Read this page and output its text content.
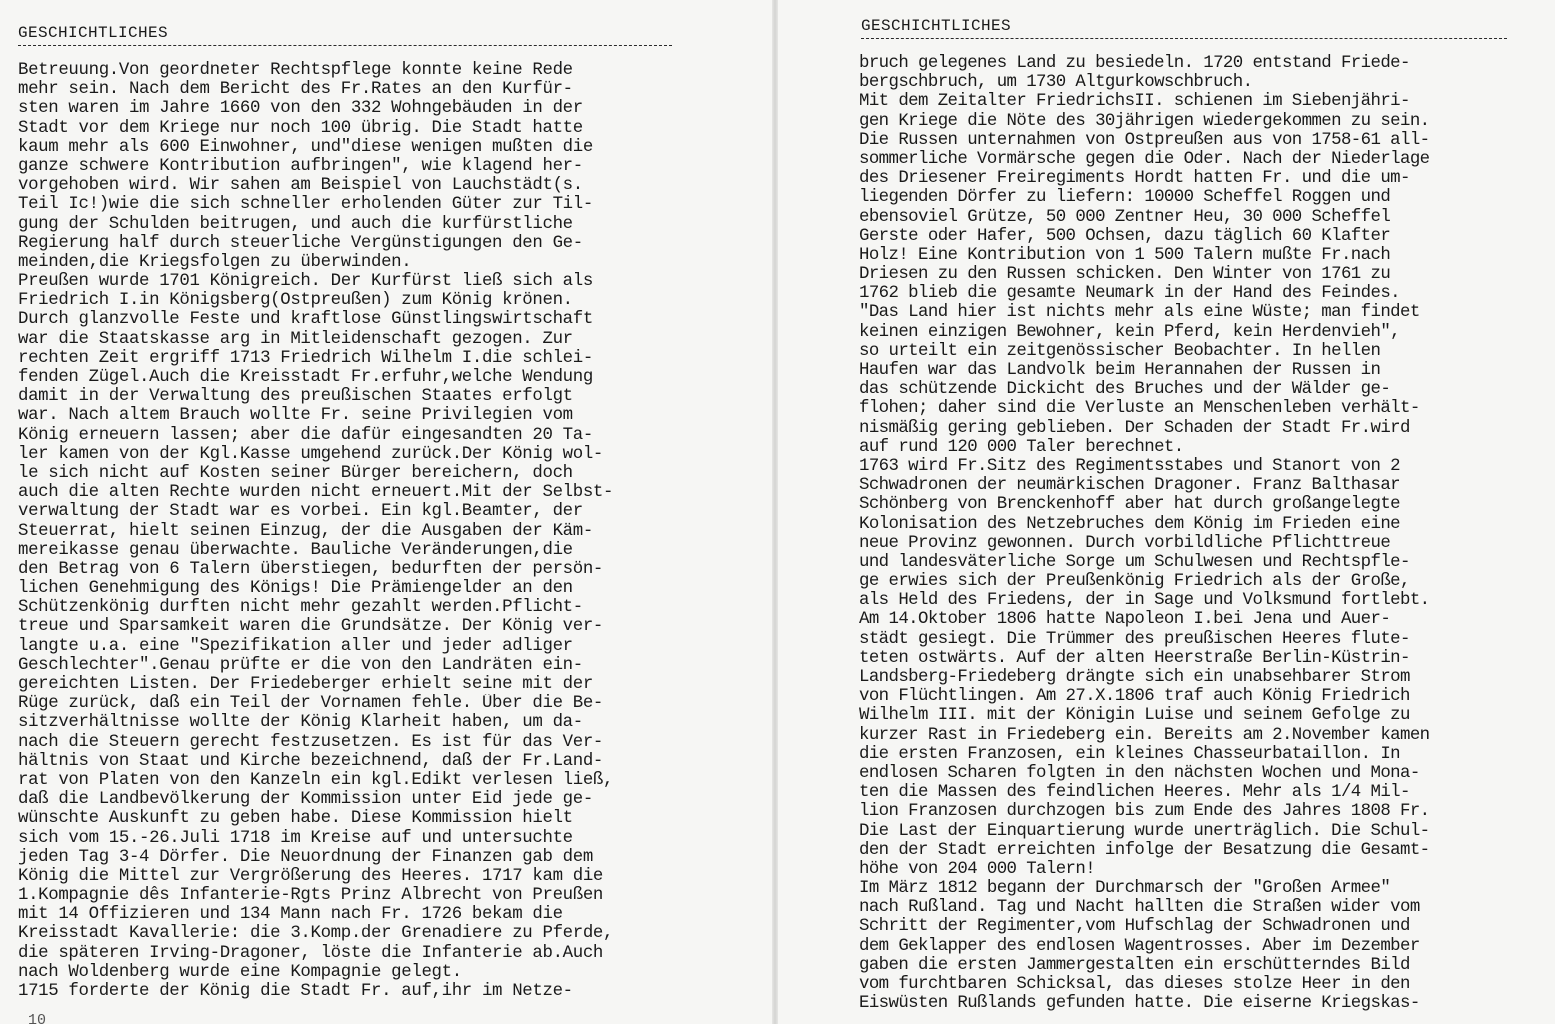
GESCHICHTLICHES
Betreuung.Von geordneter Rechtspflege konnte keine Rede
mehr sein. Nach dem Bericht des Fr.Rates an den Kurfür-
sten waren im Jahre 1660 von den 332 Wohngebäuden in der
Stadt vor dem Kriege nur noch 100 übrig. Die Stadt hatte
kaum mehr als 600 Einwohner, und"diese wenigen mußten die
ganze schwere Kontribution aufbringen", wie klagend her-
vorgehoben wird. Wir sahen am Beispiel von Lauchstädt(s.
Teil Ic!)wie die sich schneller erholenden Güter zur Til-
gung der Schulden beitrugen, und auch die kurfürstliche
Regierung half durch steuerliche Vergünstigungen den Ge-
meinden,die Kriegsfolgen zu überwinden.
Preußen wurde 1701 Königreich. Der Kurfürst ließ sich als
Friedrich I.in Königsberg(Ostpreußen) zum König krönen.
Durch glanzvolle Feste und kraftlose Günstlingswirtschaft
war die Staatskasse arg in Mitleidenschaft gezogen. Zur
rechten Zeit ergriff 1713 Friedrich Wilhelm I.die schlei-
fenden Zügel.Auch die Kreisstadt Fr.erfuhr,welche Wendung
damit in der Verwaltung des preußischen Staates erfolgt
war. Nach altem Brauch wollte Fr. seine Privilegien vom
König erneuern lassen; aber die dafür eingesandten 20 Ta-
ler kamen von der Kgl.Kasse umgehend zurück.Der König wol-
le sich nicht auf Kosten seiner Bürger bereichern, doch
auch die alten Rechte wurden nicht erneuert.Mit der Selbst-
verwaltung der Stadt war es vorbei. Ein kgl.Beamter, der
Steuerrat, hielt seinen Einzug, der die Ausgaben der Käm-
mereikasse genau überwachte. Bauliche Veränderungen,die
den Betrag von 6 Talern überstiegen, bedurften der persön-
lichen Genehmigung des Königs! Die Prämiengelder an den
Schützenkönig durften nicht mehr gezahlt werden.Pflicht-
treue und Sparsamkeit waren die Grundsätze. Der König ver-
langte u.a. eine "Spezifikation aller und jeder adliger
Geschlechter".Genau prüfte er die von den Landräten ein-
gereichten Listen. Der Friedeberger erhielt seine mit der
Rüge zurück, daß ein Teil der Vornamen fehle. Über die Be-
sitzverhältnisse wollte der König Klarheit haben, um da-
nach die Steuern gerecht festzusetzen. Es ist für das Ver-
hältnis von Staat und Kirche bezeichnend, daß der Fr.Land-
rat von Platen von den Kanzeln ein kgl.Edikt verlesen ließ,
daß die Landbevölkerung der Kommission unter Eid jede ge-
wünschte Auskunft zu geben habe. Diese Kommission hielt
sich vom 15.-26.Juli 1718 im Kreise auf und untersuchte
jeden Tag 3-4 Dörfer. Die Neuordnung der Finanzen gab dem
König die Mittel zur Vergrößerung des Heeres. 1717 kam die
1.Kompagnie dês Infanterie-Rgts Prinz Albrecht von Preußen
mit 14 Offizieren und 134 Mann nach Fr. 1726 bekam die
Kreisstadt Kavallerie: die 3.Komp.der Grenadiere zu Pferde,
die späteren Irving-Dragoner, löste die Infanterie ab.Auch
nach Woldenberg wurde eine Kompagnie gelegt.
1715 forderte der König die Stadt Fr. auf,ihr im Netze-
10
GESCHICHTLICHES
bruch gelegenes Land zu besiedeln. 1720 entstand Friede-
bergschbruch, um 1730 Altgurkowschbruch.
Mit dem Zeitalter FriedrichsII. schienen im Siebenjähri-
gen Kriege die Nöte des 30jährigen wiedergekommen zu sein.
Die Russen unternahmen von Ostpreußen aus von 1758-61 all-
sommerliche Vormärsche gegen die Oder. Nach der Niederlage
des Driesener Freiregiments Hordt hatten Fr. und die um-
liegenden Dörfer zu liefern: 10000 Scheffel Roggen und
ebensoviel Grütze, 50 000 Zentner Heu, 30 000 Scheffel
Gerste oder Hafer, 500 Ochsen, dazu täglich 60 Klafter
Holz! Eine Kontribution von 1 500 Talern mußte Fr.nach
Driesen zu den Russen schicken. Den Winter von 1761 zu
1762 blieb die gesamte Neumark in der Hand des Feindes.
"Das Land hier ist nichts mehr als eine Wüste; man findet
keinen einzigen Bewohner, kein Pferd, kein Herdenvieh",
so urteilt ein zeitgenössischer Beobachter. In hellen
Haufen war das Landvolk beim Herannahen der Russen in
das schützende Dickicht des Bruches und der Wälder ge-
flohen; daher sind die Verluste an Menschenleben verhält-
nismäßig gering geblieben. Der Schaden der Stadt Fr.wird
auf rund 120 000 Taler berechnet.
1763 wird Fr.Sitz des Regimentsstabes und Stanort von 2
Schwadronen der neumärkischen Dragoner. Franz Balthasar
Schönberg von Brenckenhoff aber hat durch großangelegte
Kolonisation des Netzebruches dem König im Frieden eine
neue Provinz gewonnen. Durch vorbildliche Pflichttreue
und landesväterliche Sorge um Schulwesen und Rechtspfle-
ge erwies sich der Preußenkönig Friedrich als der Große,
als Held des Friedens, der in Sage und Volksmund fortlebt.
Am 14.Oktober 1806 hatte Napoleon I.bei Jena und Auer-
städt gesiegt. Die Trümmer des preußischen Heeres flute-
teten ostwärts. Auf der alten Heerstraße Berlin-Küstrin-
Landsberg-Friedeberg drängte sich ein unabsehbarer Strom
von Flüchtlingen. Am 27.X.1806 traf auch König Friedrich
Wilhelm III. mit der Königin Luise und seinem Gefolge zu
kurzer Rast in Friedeberg ein. Bereits am 2.November kamen
die ersten Franzosen, ein kleines Chasseurbataillon. In
endlosen Scharen folgten in den nächsten Wochen und Mona-
ten die Massen des feindlichen Heeres. Mehr als 1/4 Mil-
lion Franzosen durchzogen bis zum Ende des Jahres 1808 Fr.
Die Last der Einquartierung wurde unerträglich. Die Schul-
den der Stadt erreichten infolge der Besatzung die Gesamt-
höhe von 204 000 Talern!
Im März 1812 begann der Durchmarsch der "Großen Armee"
nach Rußland. Tag und Nacht hallten die Straßen wider vom
Schritt der Regimenter,vom Hufschlag der Schwadronen und
dem Geklapper des endlosen Wagentrosses. Aber im Dezember
gaben die ersten Jammergestalten ein erschütterndes Bild
vom furchtbaren Schicksal, das dieses stolze Heer in den
Eiswüsten Rußlands gefunden hatte. Die eiserne Kriegskas-
